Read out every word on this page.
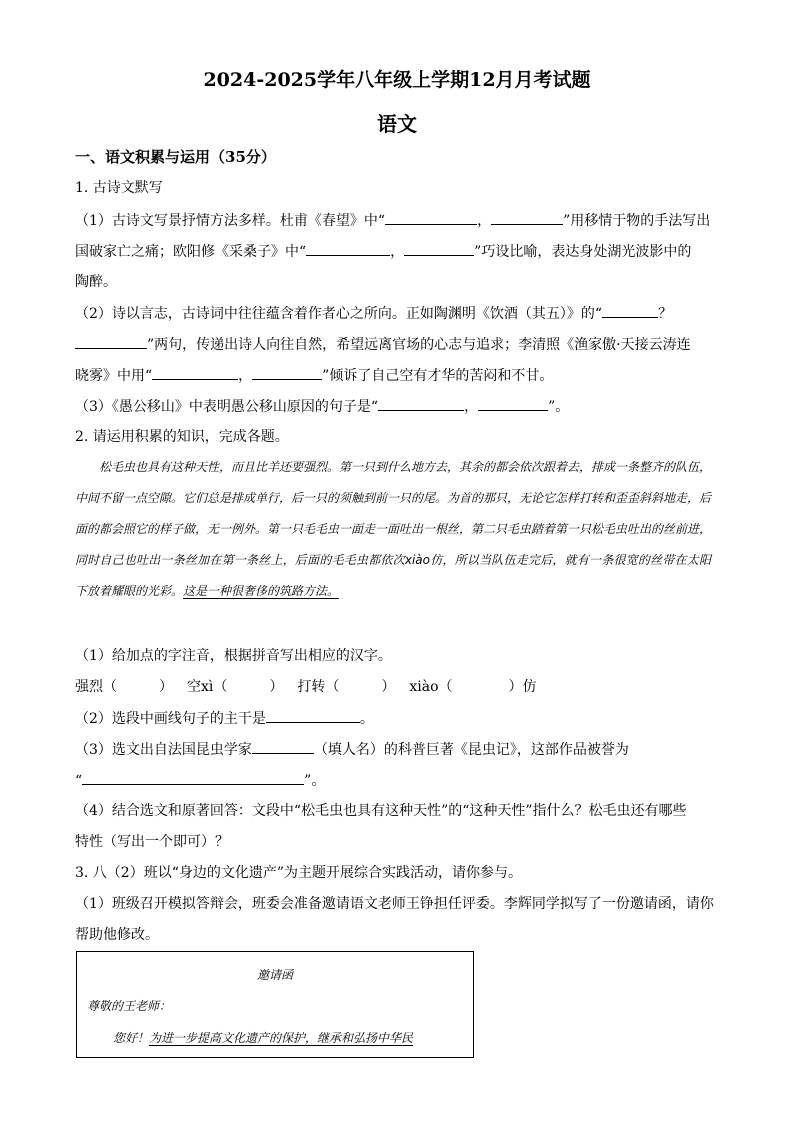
2024-2025学年八年级上学期12月月考试题
语文
一、语文积累与运用（35分）
1. 古诗文默写
（1）古诗文写景抒情方法多样。杜甫《春望》中“	，	”用移情于物的手法写出
国破家亡之痛；欧阳修《采桑子》中“	，	”巧设比喻，表达身处湖光波影中的
陶醉。
（2）诗以言志，古诗词中往往蕴含着作者心之所向。正如陶渊明《饮酒（其五）》的“	？
”两句，传递出诗人向往自然，希望远离官场的心志与追求；李清照《渔家傲·天接云涛连
晓雾》中用“	，	”倾诉了自己空有才华的苦闷和不甘。
（3）《愚公移山》中表明愚公移山原因的句子是“	，	”。
2. 请运用积累的知识，完成各题。

松毛虫也具有这种天性，而且比羊还要强烈。第一只到什么地方去，其余的都会依次跟着去，排成一条整齐的队伍，中间不留一点空隙。它们总是排成单行，后一只的须触到前一只的尾。为首的那只，无论它怎样打转和歪歪斜斜地走，后面的都会照它的样子做，无一例外。第一只毛毛虫一面走一面吐出一根丝，第二只毛虫踏着第一只松毛虫吐出的丝前进，同时自己也吐出一条丝加在第一条丝上，后面的毛毛虫都依次xiào仿，所以当队伍走完后，就有一条很宽的丝带在太阳下放着耀眼的光彩。这是一种很奢侈的筑路方法。

（1）给加点的字注音，根据拼音写出相应的汉字。
强烈（　　　） 空xì（　　　） 打转（　　　） xiào（　　　　）仿
（2）选段中画线句子的主干是	。
（3）选文出自法国昆虫学家	（填人名）的科普巨著《昆虫记》，这部作品被誉为
“	”。
（4）结合选文和原著回答：文段中“松毛虫也具有这种天性”的“这种天性”指什么？松毛虫还有哪些
特性（写出一个即可）？
3. 八（2）班以“身边的文化遗产”为主题开展综合实践活动，请你参与。
（1）班级召开模拟答辩会，班委会准备邀请语文老师王铮担任评委。李辉同学拟写了一份邀请函，请你
帮助他修改。
邀请函
尊敬的王老师：
您好！为进一步提高文化遗产的保护，继承和弘扬中华民
